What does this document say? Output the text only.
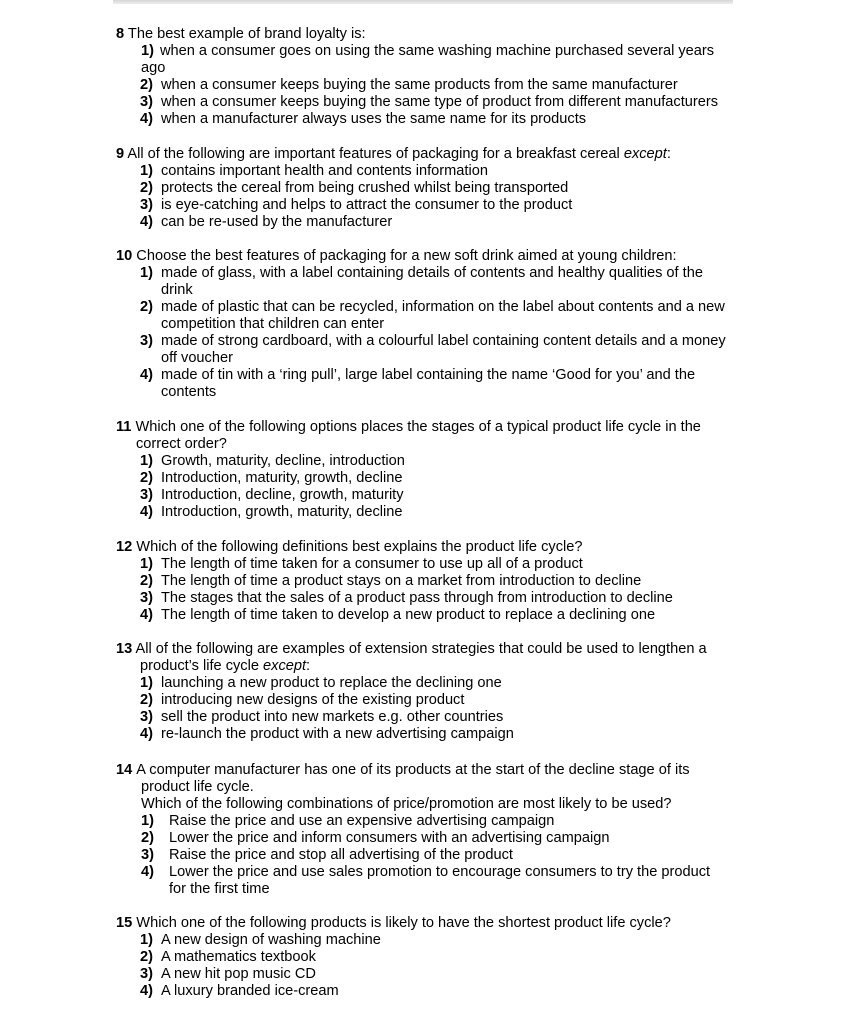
8 The best example of brand loyalty is:
1) when a consumer goes on using the same washing machine purchased several years ago
2) when a consumer keeps buying the same products from the same manufacturer
3) when a consumer keeps buying the same type of product from different manufacturers
4) when a manufacturer always uses the same name for its products
9 All of the following are important features of packaging for a breakfast cereal except:
1) contains important health and contents information
2) protects the cereal from being crushed whilst being transported
3) is eye-catching and helps to attract the consumer to the product
4) can be re-used by the manufacturer
10 Choose the best features of packaging for a new soft drink aimed at young children:
1) made of glass, with a label containing details of contents and healthy qualities of the drink
2) made of plastic that can be recycled, information on the label about contents and a new competition that children can enter
3) made of strong cardboard, with a colourful label containing content details and a money off voucher
4) made of tin with a ‘ring pull’, large label containing the name ‘Good for you’ and the contents
11 Which one of the following options places the stages of a typical product life cycle in the
correct order?
1) Growth, maturity, decline, introduction
2) Introduction, maturity, growth, decline
3) Introduction, decline, growth, maturity
4) Introduction, growth, maturity, decline
12 Which of the following definitions best explains the product life cycle?
1) The length of time taken for a consumer to use up all of a product
2) The length of time a product stays on a market from introduction to decline
3) The stages that the sales of a product pass through from introduction to decline
4) The length of time taken to develop a new product to replace a declining one
13 All of the following are examples of extension strategies that could be used to lengthen a
product’s life cycle except:
1) launching a new product to replace the declining one
2) introducing new designs of the existing product
3) sell the product into new markets e.g. other countries
4) re-launch the product with a new advertising campaign
14 A computer manufacturer has one of its products at the start of the decline stage of its
product life cycle.
Which of the following combinations of price/promotion are most likely to be used?
1) Raise the price and use an expensive advertising campaign
2) Lower the price and inform consumers with an advertising campaign
3) Raise the price and stop all advertising of the product
4) Lower the price and use sales promotion to encourage consumers to try the product for the first time
15 Which one of the following products is likely to have the shortest product life cycle?
1) A new design of washing machine
2) A mathematics textbook
3) A new hit pop music CD
4) A luxury branded ice-cream
